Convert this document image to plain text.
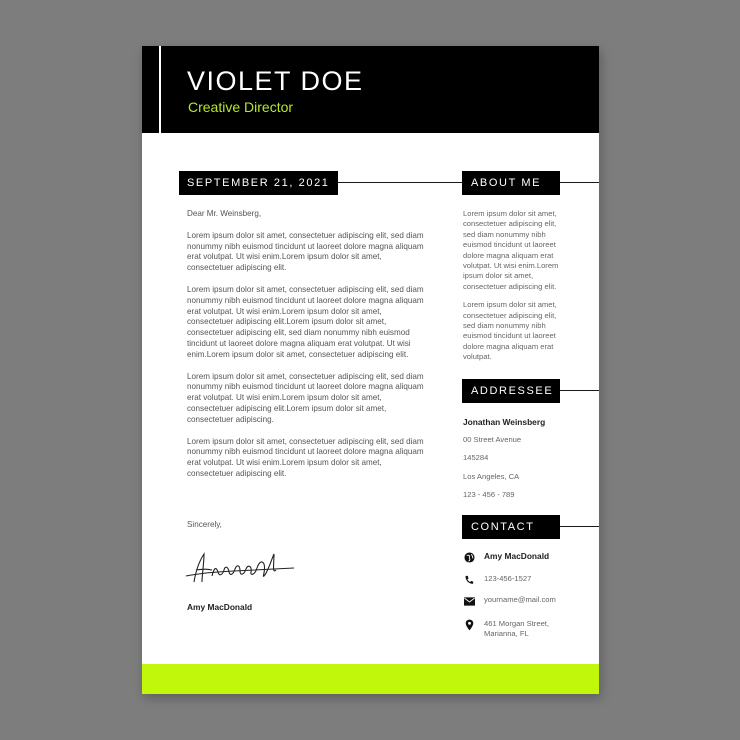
VIOLET DOE
Creative Director
SEPTEMBER 21, 2021	ABOUT ME
Dear Mr. Weinsberg,

Lorem ipsum dolor sit amet, consectetuer adipiscing elit, sed diam nonummy nibh euismod tincidunt ut laoreet dolore magna aliquam erat volutpat. Ut wisi enim.Lorem ipsum dolor sit amet, consectetuer adipiscing elit.

Lorem ipsum dolor sit amet, consectetuer adipiscing elit, sed diam nonummy nibh euismod tincidunt ut laoreet dolore magna aliquam erat volutpat. Ut wisi enim.Lorem ipsum dolor sit amet, consectetuer adipiscing elit.Lorem ipsum dolor sit amet, consectetuer adipiscing elit, sed diam nonummy nibh euismod tincidunt ut laoreet dolore magna aliquam erat volutpat. Ut wisi enim.Lorem ipsum dolor sit amet, consectetuer adipiscing elit.

Lorem ipsum dolor sit amet, consectetuer adipiscing elit, sed diam nonummy nibh euismod tincidunt ut laoreet dolore magna aliquam erat volutpat. Ut wisi enim.Lorem ipsum dolor sit amet, consectetuer adipiscing elit.Lorem ipsum dolor sit amet, consectetuer adipiscing.

Lorem ipsum dolor sit amet, consectetuer adipiscing elit, sed diam nonummy nibh euismod tincidunt ut laoreet dolore magna aliquam erat volutpat. Ut wisi enim.Lorem ipsum dolor sit amet, consectetuer adipiscing elit.

Sincerely,
Amy MacDonald

Lorem ipsum dolor sit amet, consectetuer adipiscing elit, sed diam nonummy nibh euismod tincidunt ut laoreet dolore magna aliquam erat volutpat. Ut wisi enim.Lorem ipsum dolor sit amet, consectetuer adipiscing elit.

Lorem ipsum dolor sit amet, consectetuer adipiscing elit, sed diam nonummy nibh euismod tincidunt ut laoreet dolore magna aliquam erat volutpat.

ADDRESSEE
Jonathan Weinsberg
00 Street Avenue
145284
Los Angeles, CA
123 - 456 - 789
CONTACT
Amy MacDonald
123-456-1527
yourname@mail.com
461 Morgan Street, Marianna, FL
